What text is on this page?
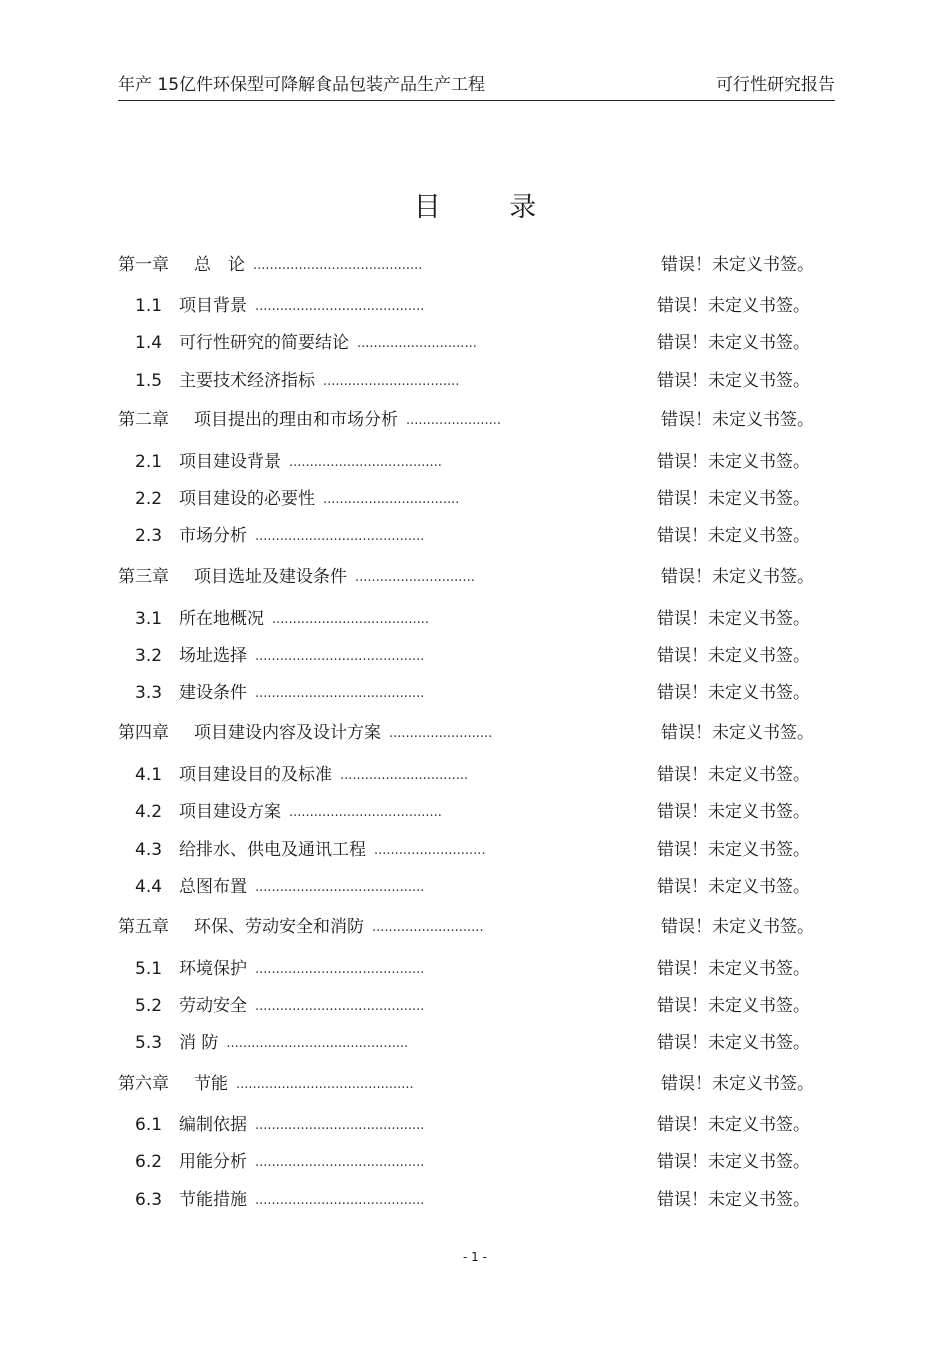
年产 15亿件环保型可降解食品包装产品生产工程	可行性研究报告
目 录
第一章 总　论 .........................................	错误！未定义书签。
1.1 项目背景 .........................................	错误！未定义书签。
1.4 可行性研究的简要结论 .............................	错误！未定义书签。
1.5 主要技术经济指标 .................................	错误！未定义书签。
第二章 项目提出的理由和市场分析 .......................	错误！未定义书签。
2.1 项目建设背景 .....................................	错误！未定义书签。
2.2 项目建设的必要性 .................................	错误！未定义书签。
2.3 市场分析 .........................................	错误！未定义书签。
第三章 项目选址及建设条件 .............................	错误！未定义书签。
3.1 所在地概况 ......................................	错误！未定义书签。
3.2 场址选择 .........................................	错误！未定义书签。
3.3 建设条件 .........................................	错误！未定义书签。
第四章 项目建设内容及设计方案 .........................	错误！未定义书签。
4.1 项目建设目的及标准 ...............................	错误！未定义书签。
4.2 项目建设方案 .....................................	错误！未定义书签。
4.3 给排水、供电及通讯工程 ...........................	错误！未定义书签。
4.4 总图布置 .........................................	错误！未定义书签。
第五章 环保、劳动安全和消防 ...........................	错误！未定义书签。
5.1 环境保护 .........................................	错误！未定义书签。
5.2 劳动安全 .........................................	错误！未定义书签。
5.3 消 防 ............................................	错误！未定义书签。
第六章 节能 ...........................................	错误！未定义书签。
6.1 编制依据 .........................................	错误！未定义书签。
6.2 用能分析 .........................................	错误！未定义书签。
6.3 节能措施 .........................................	错误！未定义书签。
- 1 -
